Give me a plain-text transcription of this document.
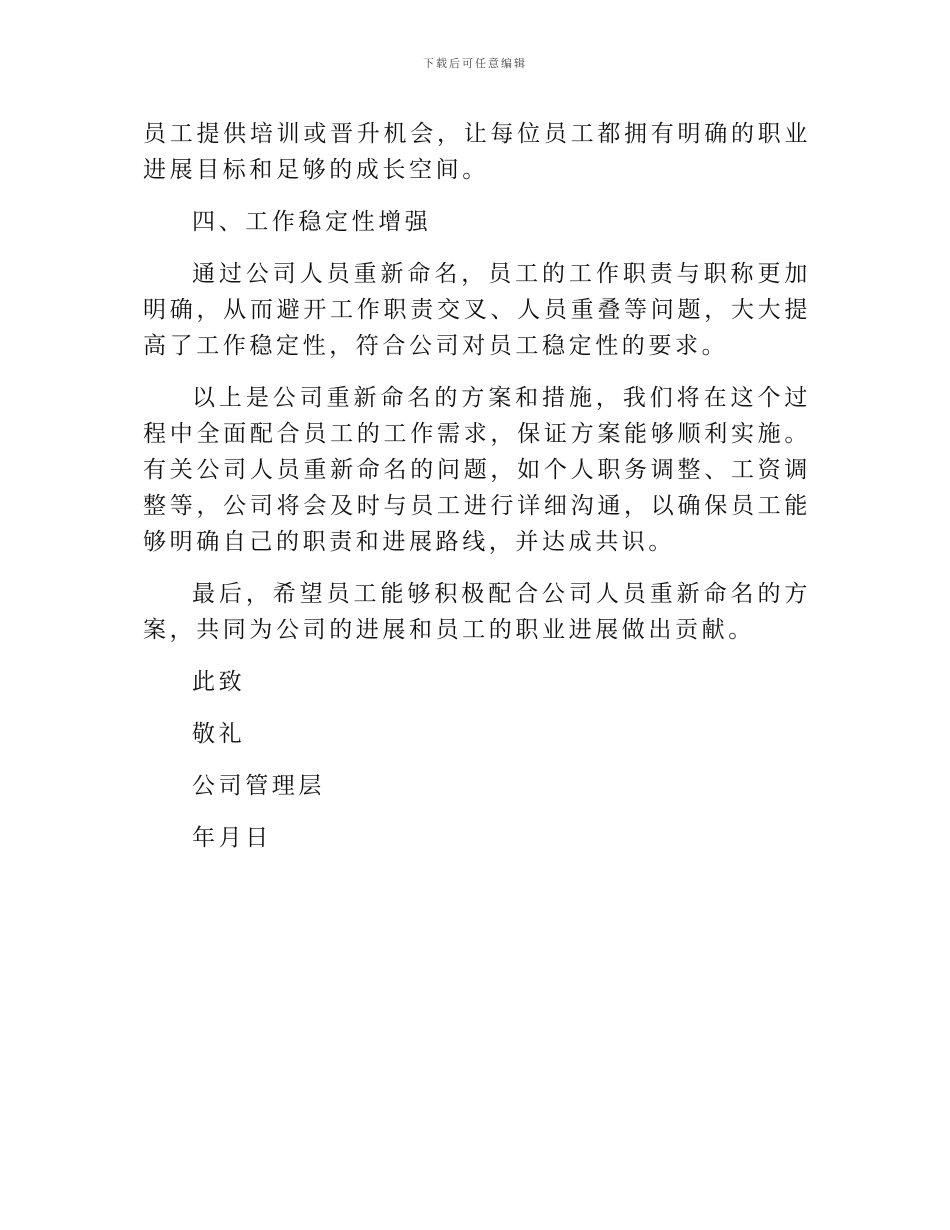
下载后可任意编辑

员工提供培训或晋升机会，让每位员工都拥有明确的职业进展目标和足够的成长空间。

四、工作稳定性增强

通过公司人员重新命名，员工的工作职责与职称更加明确，从而避开工作职责交叉、人员重叠等问题，大大提高了工作稳定性，符合公司对员工稳定性的要求。

以上是公司重新命名的方案和措施，我们将在这个过程中全面配合员工的工作需求，保证方案能够顺利实施。有关公司人员重新命名的问题，如个人职务调整、工资调整等，公司将会及时与员工进行详细沟通，以确保员工能够明确自己的职责和进展路线，并达成共识。

最后，希望员工能够积极配合公司人员重新命名的方案，共同为公司的进展和员工的职业进展做出贡献。

此致

敬礼

公司管理层

年月日
